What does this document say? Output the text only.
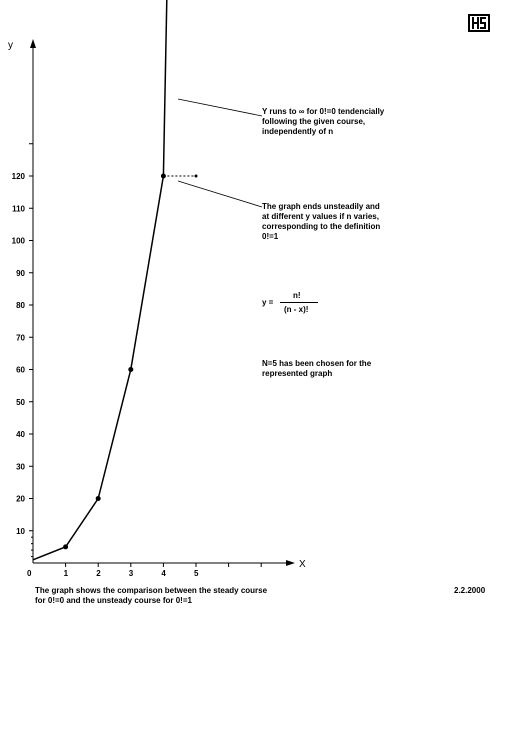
X
y
0	1	2	3	4	5
10
20
30
40
50
60
70
80
90
100
110
120
Y runs to ∞ for 0!=0 tendencially
following the given course,
independently of n
The graph ends unsteadily and
at different y values if n varies,
corresponding to the definition
0!=1
y =
n!
(n - x)!
N=5 has been chosen for the
represented graph
The graph shows the comparison between the steady course
for 0!=0 and the unsteady course for 0!=1
2.2.2000
